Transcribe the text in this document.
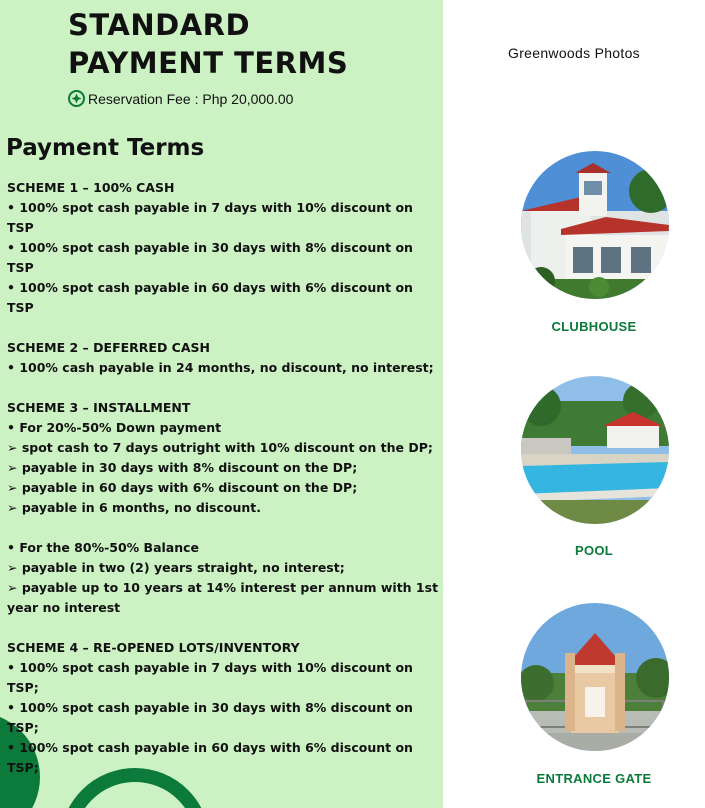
STANDARD
PAYMENT TERMS
Reservation Fee : Php 20,000.00
Payment Terms
SCHEME 1 – 100% CASH
• 100% spot cash payable in 7 days with 10% discount on TSP
• 100% spot cash payable in 30 days with 8% discount on TSP
• 100% spot cash payable in 60 days with 6% discount on TSP
SCHEME 2 – DEFERRED CASH
• 100% cash payable in 24 months, no discount, no interest;
SCHEME 3 – INSTALLMENT
• For 20%-50% Down payment
➢ spot cash to 7 days outright with 10% discount on the DP;
➢ payable in 30 days with 8% discount on the DP;
➢ payable in 60 days with 6% discount on the DP;
➢ payable in 6 months, no discount.
• For the 80%-50% Balance
➢ payable in two (2) years straight, no interest;
➢ payable up to 10 years at 14% interest per annum with 1st year no interest
SCHEME 4 – RE-OPENED LOTS/INVENTORY
• 100% spot cash payable in 7 days with 10% discount on TSP;
• 100% spot cash payable in 30 days with 8% discount on TSP;
• 100% spot cash payable in 60 days with 6% discount on TSP;
Greenwoods Photos
CLUBHOUSE
POOL
ENTRANCE GATE
